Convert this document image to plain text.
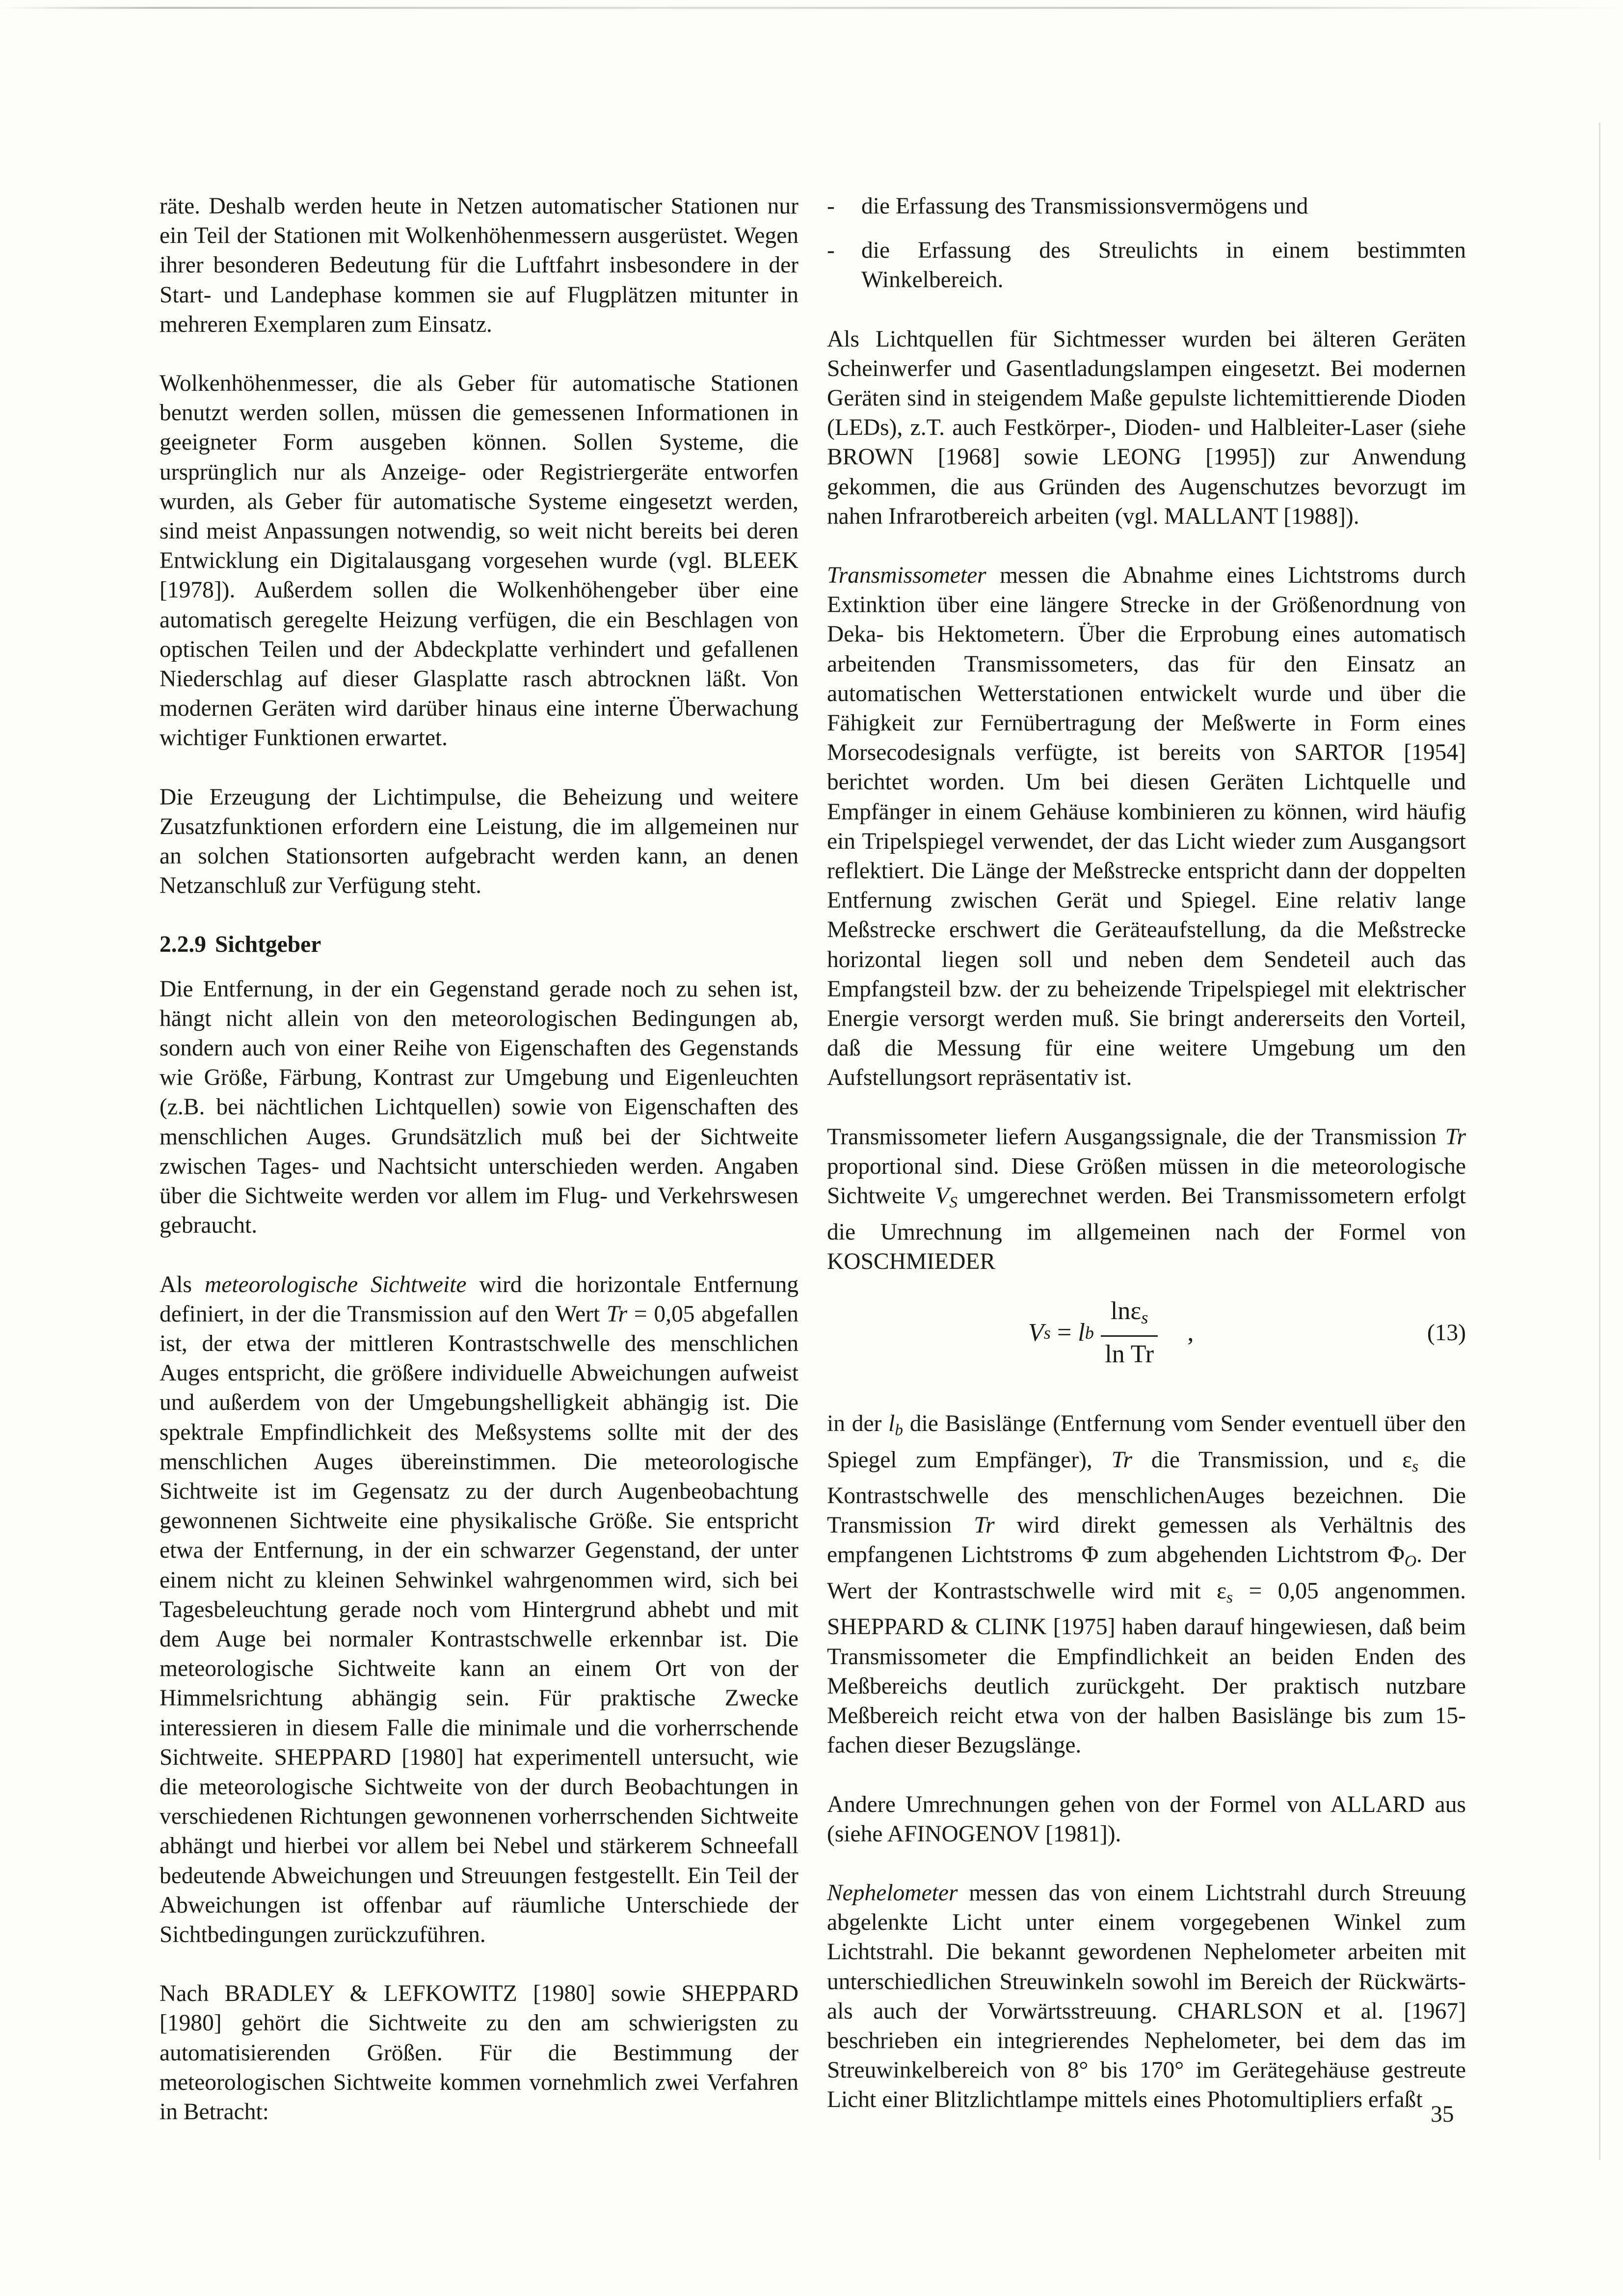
räte. Deshalb werden heute in Netzen automatischer Stationen nur ein Teil der Stationen mit Wolkenhöhenmessern ausgerüstet. Wegen ihrer besonderen Bedeutung für die Luftfahrt insbesondere in der Start- und Landephase kommen sie auf Flugplätzen mitunter in mehreren Exemplaren zum Einsatz.

Wolkenhöhenmesser, die als Geber für automatische Stationen benutzt werden sollen, müssen die gemessenen Informationen in geeigneter Form ausgeben können. Sollen Systeme, die ursprünglich nur als Anzeige- oder Registriergeräte entworfen wurden, als Geber für automatische Systeme eingesetzt werden, sind meist Anpassungen notwendig, so weit nicht bereits bei deren Entwicklung ein Digitalausgang vorgesehen wurde (vgl. BLEEK [1978]). Außerdem sollen die Wolkenhöhengeber über eine automatisch geregelte Heizung verfügen, die ein Beschlagen von optischen Teilen und der Abdeckplatte verhindert und gefallenen Niederschlag auf dieser Glasplatte rasch abtrocknen läßt. Von modernen Geräten wird darüber hinaus eine interne Überwachung wichtiger Funktionen erwartet.

Die Erzeugung der Lichtimpulse, die Beheizung und weitere Zusatzfunktionen erfordern eine Leistung, die im allgemeinen nur an solchen Stationsorten aufgebracht werden kann, an denen Netzanschluß zur Verfügung steht.

2.2.9 Sichtgeber

Die Entfernung, in der ein Gegenstand gerade noch zu sehen ist, hängt nicht allein von den meteorologischen Bedingungen ab, sondern auch von einer Reihe von Eigenschaften des Gegenstands wie Größe, Färbung, Kontrast zur Umgebung und Eigenleuchten (z.B. bei nächtlichen Lichtquellen) sowie von Eigenschaften des menschlichen Auges. Grundsätzlich muß bei der Sichtweite zwischen Tages- und Nachtsicht unterschieden werden. Angaben über die Sichtweite werden vor allem im Flug- und Verkehrswesen gebraucht.

Als meteorologische Sichtweite wird die horizontale Entfernung definiert, in der die Transmission auf den Wert Tr = 0,05 abgefallen ist, der etwa der mittleren Kontrastschwelle des menschlichen Auges entspricht, die größere individuelle Abweichungen aufweist und außerdem von der Umgebungshelligkeit abhängig ist. Die spektrale Empfindlichkeit des Meßsystems sollte mit der des menschlichen Auges übereinstimmen. Die meteorologische Sichtweite ist im Gegensatz zu der durch Augenbeobachtung gewonnenen Sichtweite eine physikalische Größe. Sie entspricht etwa der Entfernung, in der ein schwarzer Gegenstand, der unter einem nicht zu kleinen Sehwinkel wahrgenommen wird, sich bei Tagesbeleuchtung gerade noch vom Hintergrund abhebt und mit dem Auge bei normaler Kontrastschwelle erkennbar ist. Die meteorologische Sichtweite kann an einem Ort von der Himmelsrichtung abhängig sein. Für praktische Zwecke interessieren in diesem Falle die minimale und die vorherrschende Sichtweite. SHEPPARD [1980] hat experimentell untersucht, wie die meteorologische Sichtweite von der durch Beobachtungen in verschiedenen Richtungen gewonnenen vorherrschenden Sichtweite abhängt und hierbei vor allem bei Nebel und stärkerem Schneefall bedeutende Abweichungen und Streuungen festgestellt. Ein Teil der Abweichungen ist offenbar auf räumliche Unterschiede der Sichtbedingungen zurückzuführen.

Nach BRADLEY & LEFKOWITZ [1980] sowie SHEPPARD [1980] gehört die Sichtweite zu den am schwierigsten zu automatisierenden Größen. Für die Bestimmung der meteorologischen Sichtweite kommen vornehmlich zwei Verfahren in Betracht:

-	die Erfassung des Transmissionsvermögens und
-	die Erfassung des Streulichts in einem bestimmten Winkelbereich.

Als Lichtquellen für Sichtmesser wurden bei älteren Geräten Scheinwerfer und Gasentladungslampen eingesetzt. Bei modernen Geräten sind in steigendem Maße gepulste lichtemittierende Dioden (LEDs), z.T. auch Festkörper-, Dioden- und Halbleiter-Laser (siehe BROWN [1968] sowie LEONG [1995]) zur Anwendung gekommen, die aus Gründen des Augenschutzes bevorzugt im nahen Infrarotbereich arbeiten (vgl. MALLANT [1988]).

Transmissometer messen die Abnahme eines Lichtstroms durch Extinktion über eine längere Strecke in der Größenordnung von Deka- bis Hektometern. Über die Erprobung eines automatisch arbeitenden Transmissometers, das für den Einsatz an automatischen Wetterstationen entwickelt wurde und über die Fähigkeit zur Fernübertragung der Meßwerte in Form eines Morsecodesignals verfügte, ist bereits von SARTOR [1954] berichtet worden. Um bei diesen Geräten Lichtquelle und Empfänger in einem Gehäuse kombinieren zu können, wird häufig ein Tripelspiegel verwendet, der das Licht wieder zum Ausgangsort reflektiert. Die Länge der Meßstrecke entspricht dann der doppelten Entfernung zwischen Gerät und Spiegel. Eine relativ lange Meßstrecke erschwert die Geräteaufstellung, da die Meßstrecke horizontal liegen soll und neben dem Sendeteil auch das Empfangsteil bzw. der zu beheizende Tripelspiegel mit elektrischer Energie versorgt werden muß. Sie bringt andererseits den Vorteil, daß die Messung für eine weitere Umgebung um den Aufstellungsort repräsentativ ist.

Transmissometer liefern Ausgangssignale, die der Transmission Tr proportional sind. Diese Größen müssen in die meteorologische Sichtweite $V_S$ umgerechnet werden. Bei Transmissometern erfolgt die Umrechnung im allgemeinen nach der Formel von KOSCHMIEDER

V s = l b $\frac{\ln\varepsilon_s}{\text{ln Tr}}$ ,	(13)

in der $l_b$ die Basislänge (Entfernung vom Sender eventuell über den Spiegel zum Empfänger), Tr die Transmission, und $\varepsilon_s$ die Kontrastschwelle des menschlichenAuges bezeichnen. Die Transmission Tr wird direkt gemessen als Verhältnis des empfangenen Lichtstroms Φ zum abgehenden Lichtstrom $\Phi_O$. Der Wert der Kontrastschwelle wird mit $\varepsilon_s = 0,05$ angenommen. SHEPPARD & CLINK [1975] haben darauf hingewiesen, daß beim Transmissometer die Empfindlichkeit an beiden Enden des Meßbereichs deutlich zurückgeht. Der praktisch nutzbare Meßbereich reicht etwa von der halben Basislänge bis zum 15-fachen dieser Bezugslänge.

Andere Umrechnungen gehen von der Formel von ALLARD aus (siehe AFINOGENOV [1981]).

Nephelometer messen das von einem Lichtstrahl durch Streuung abgelenkte Licht unter einem vorgegebenen Winkel zum Lichtstrahl. Die bekannt gewordenen Nephelometer arbeiten mit unterschiedlichen Streuwinkeln sowohl im Bereich der Rückwärts- als auch der Vorwärtsstreuung. CHARLSON et al. [1967] beschrieben ein integrierendes Nephelometer, bei dem das im Streuwinkelbereich von 8° bis 170° im Gerätegehäuse gestreute Licht einer Blitzlichtlampe mittels eines Photomultipliers erfaßt

35
